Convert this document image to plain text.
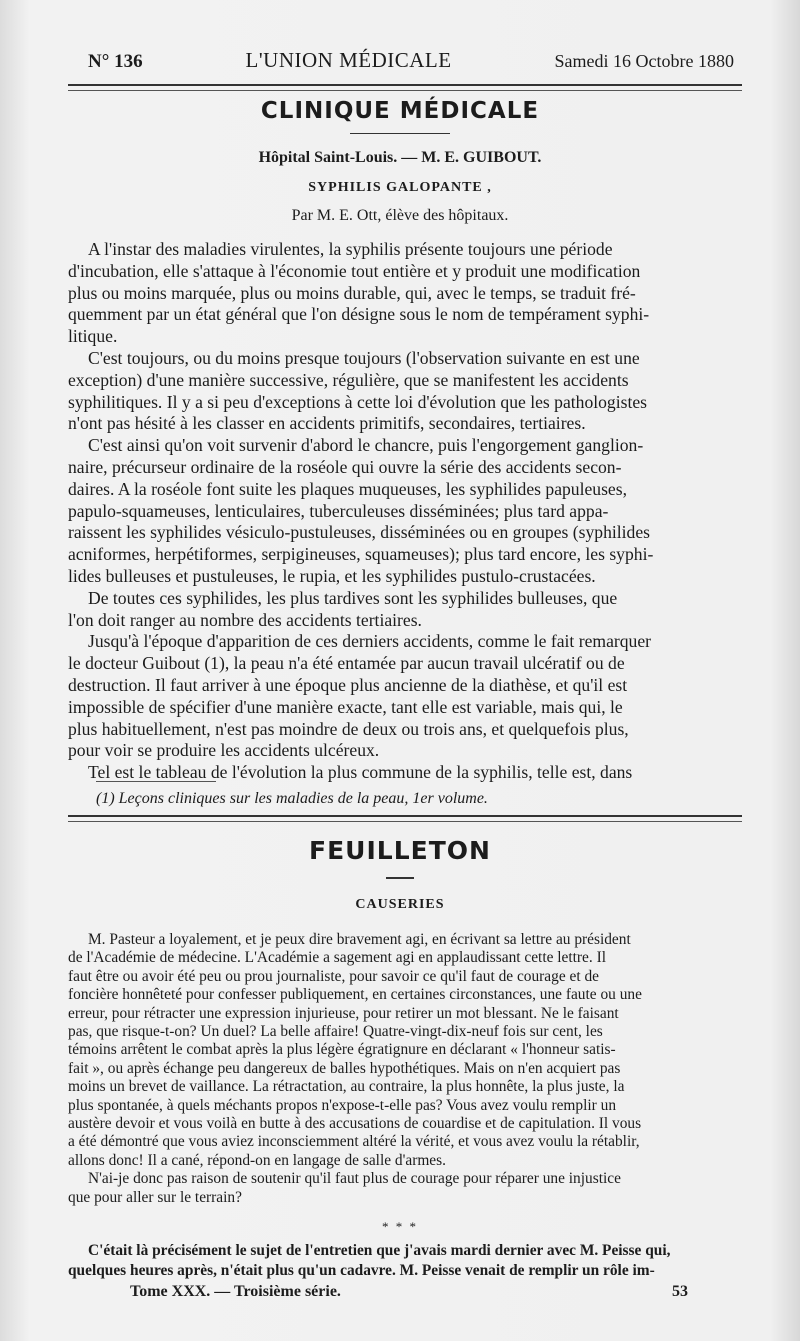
N° 136	L'UNION MÉDICALE	Samedi 16 Octobre 1880
CLINIQUE MÉDICALE
Hôpital Saint-Louis. — M. E. GUIBOUT.
SYPHILIS GALOPANTE ,
Par M. E. Ott, élève des hôpitaux.
A l'instar des maladies virulentes, la syphilis présente toujours une période
d'incubation, elle s'attaque à l'économie tout entière et y produit une modification
plus ou moins marquée, plus ou moins durable, qui, avec le temps, se traduit fré-
quemment par un état général que l'on désigne sous le nom de tempérament syphi-
litique.
C'est toujours, ou du moins presque toujours (l'observation suivante en est une
exception) d'une manière successive, régulière, que se manifestent les accidents
syphilitiques. Il y a si peu d'exceptions à cette loi d'évolution que les pathologistes
n'ont pas hésité à les classer en accidents primitifs, secondaires, tertiaires.
C'est ainsi qu'on voit survenir d'abord le chancre, puis l'engorgement ganglion-
naire, précurseur ordinaire de la roséole qui ouvre la série des accidents secon-
daires. A la roséole font suite les plaques muqueuses, les syphilides papuleuses,
papulo-squameuses, lenticulaires, tuberculeuses disséminées; plus tard appa-
raissent les syphilides vésiculo-pustuleuses, disséminées ou en groupes (syphilides
acniformes, herpétiformes, serpigineuses, squameuses); plus tard encore, les syphi-
lides bulleuses et pustuleuses, le rupia, et les syphilides pustulo-crustacées.
De toutes ces syphilides, les plus tardives sont les syphilides bulleuses, que
l'on doit ranger au nombre des accidents tertiaires.
Jusqu'à l'époque d'apparition de ces derniers accidents, comme le fait remarquer
le docteur Guibout (1), la peau n'a été entamée par aucun travail ulcératif ou de
destruction. Il faut arriver à une époque plus ancienne de la diathèse, et qu'il est
impossible de spécifier d'une manière exacte, tant elle est variable, mais qui, le
plus habituellement, n'est pas moindre de deux ou trois ans, et quelquefois plus,
pour voir se produire les accidents ulcéreux.
Tel est le tableau de l'évolution la plus commune de la syphilis, telle est, dans
(1) Leçons cliniques sur les maladies de la peau, 1er volume.
FEUILLETON
CAUSERIES
M. Pasteur a loyalement, et je peux dire bravement agi, en écrivant sa lettre au président
de l'Académie de médecine. L'Académie a sagement agi en applaudissant cette lettre. Il
faut être ou avoir été peu ou prou journaliste, pour savoir ce qu'il faut de courage et de
foncière honnêteté pour confesser publiquement, en certaines circonstances, une faute ou une
erreur, pour rétracter une expression injurieuse, pour retirer un mot blessant. Ne le faisant
pas, que risque-t-on? Un duel? La belle affaire! Quatre-vingt-dix-neuf fois sur cent, les
témoins arrêtent le combat après la plus légère égratignure en déclarant « l'honneur satis-
fait », ou après échange peu dangereux de balles hypothétiques. Mais on n'en acquiert pas
moins un brevet de vaillance. La rétractation, au contraire, la plus honnête, la plus juste, la
plus spontanée, à quels méchants propos n'expose-t-elle pas? Vous avez voulu remplir un
austère devoir et vous voilà en butte à des accusations de couardise et de capitulation. Il vous
a été démontré que vous aviez inconsciemment altéré la vérité, et vous avez voulu la rétablir,
allons donc! Il a cané, répond-on en langage de salle d'armes.
N'ai-je donc pas raison de soutenir qu'il faut plus de courage pour réparer une injustice
que pour aller sur le terrain?
* * *
C'était là précisément le sujet de l'entretien que j'avais mardi dernier avec M. Peisse qui,
quelques heures après, n'était plus qu'un cadavre. M. Peisse venait de remplir un rôle im-
Tome XXX. — Troisième série.	53
